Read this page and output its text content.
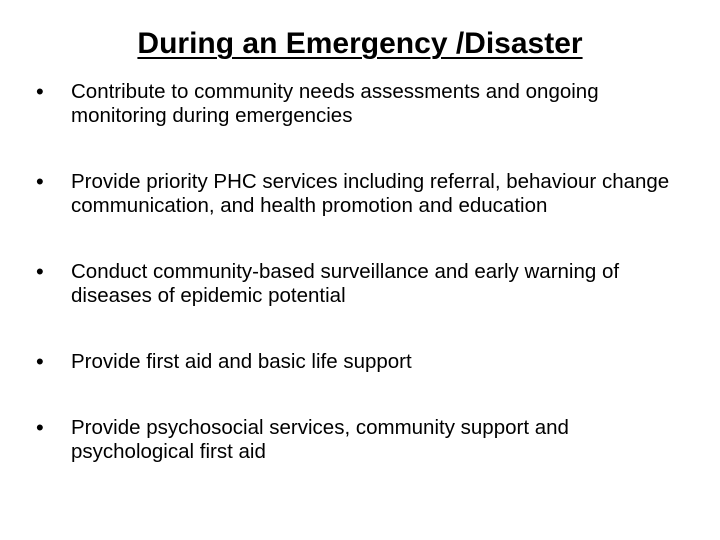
During an Emergency /Disaster
• Contribute to community needs assessments and ongoing monitoring during emergencies
• Provide priority PHC services including referral, behaviour change communication, and health promotion and education
• Conduct community-based surveillance and early warning of diseases of epidemic potential
• Provide first aid and basic life support
• Provide psychosocial services, community support and psychological first aid
